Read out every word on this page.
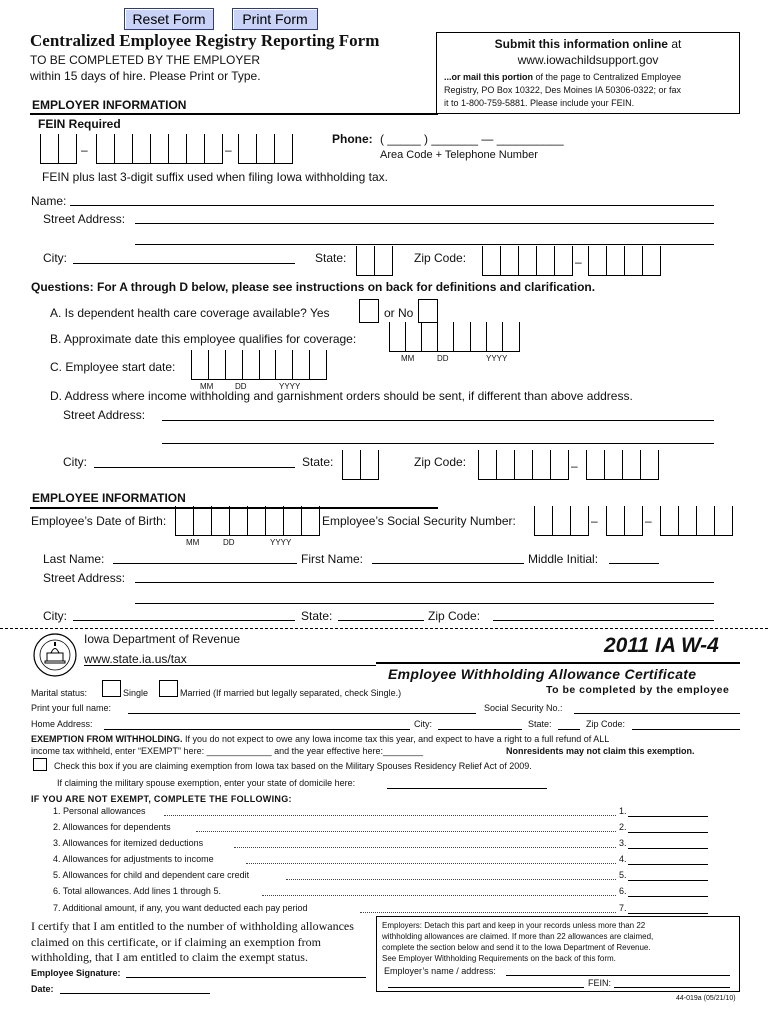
Reset Form	Print Form
Centralized Employee Registry Reporting Form
TO BE COMPLETED BY THE EMPLOYER
within 15 days of hire. Please Print or Type.
Submit this information online at
www.iowachildsupport.gov
...or mail this portion of the page to Centralized Employee
Registry, PO Box 10322, Des Moines IA 50306-0322; or fax
it to 1-800-759-5881. Please include your FEIN.
EMPLOYER INFORMATION
FEIN Required
–	–
Phone: ( _____ ) _______ — __________
Area Code + Telephone Number
FEIN plus last 3-digit suffix used when filing Iowa withholding tax.
Name:
Street Address:
City:	State:	Zip Code:	–
Questions: For A through D below, please see instructions on back for definitions and clarification.
A. Is dependent health care coverage available? Yes	or No
B. Approximate date this employee qualifies for coverage:
MM	DD	YYYY
C. Employee start date:
MM	DD	YYYY
D. Address where income withholding and garnishment orders should be sent, if different than above address.
Street Address:
City:	State:	Zip Code:	–
EMPLOYEE INFORMATION
Employee’s Date of Birth:
MM	DD	YYYY
Employee’s Social Security Number:	–	–
Last Name:	First Name:	Middle Initial:
Street Address:
City:	State:	Zip Code:
Iowa Department of Revenue
www.state.ia.us/tax
2011 IA W-4
Employee Withholding Allowance Certificate
To be completed by the employee
Marital status:	Single	Married (If married but legally separated, check Single.)
Print your full name:	Social Security No.:
Home Address:	City:	State:	Zip Code:
EXEMPTION FROM WITHHOLDING. If you do not expect to owe any Iowa income tax this year, and expect to have a right to a full refund of ALL
income tax withheld, enter “EXEMPT” here: _____________ and the year effective here:________	Nonresidents may not claim this exemption.
Check this box if you are claiming exemption from Iowa tax based on the Military Spouses Residency Relief Act of 2009.
If claiming the military spouse exemption, enter your state of domicile here:
IF YOU ARE NOT EXEMPT, COMPLETE THE FOLLOWING:
1. Personal allowances	1.
2. Allowances for dependents	2.
3. Allowances for itemized deductions	3.
4. Allowances for adjustments to income	4.
5. Allowances for child and dependent care credit	5.
6. Total allowances. Add lines 1 through 5.	6.
7. Additional amount, if any, you want deducted each pay period	7.
I certify that I am entitled to the number of withholding allowances
claimed on this certificate, or if claiming an exemption from
withholding, that I am entitled to claim the exempt status.
Employee Signature:
Date:
Employers: Detach this part and keep in your records unless more than 22
withholding allowances are claimed. If more than 22 allowances are claimed,
complete the section below and send it to the Iowa Department of Revenue.
See Employer Withholding Requirements on the back of this form.
Employer’s name / address:
FEIN:
44-019a (05/21/10)
